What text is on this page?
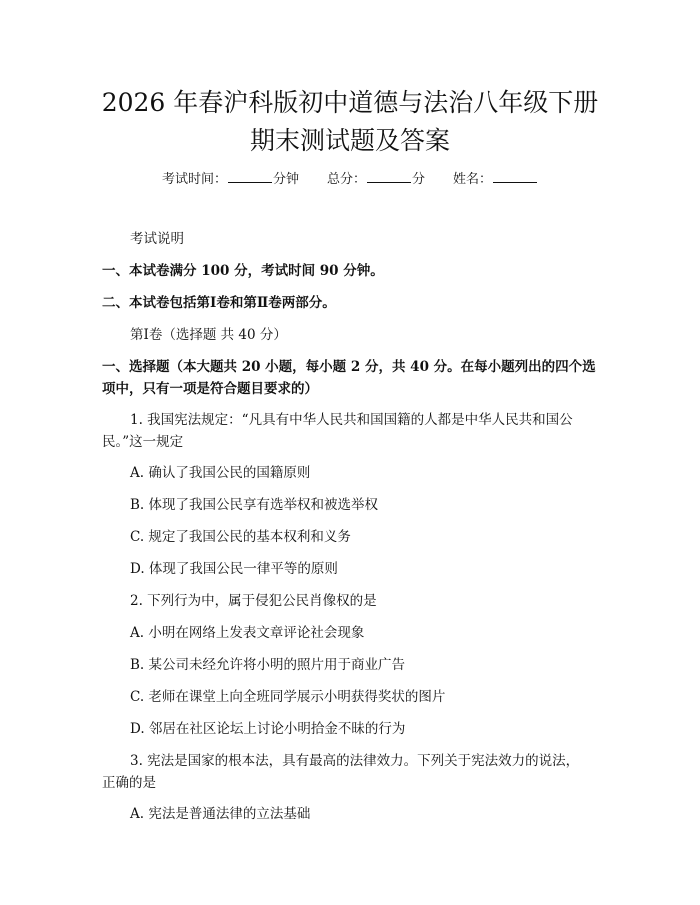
2026 年春沪科版初中道德与法治八年级下册
期末测试题及答案
考试时间：	分钟 总分：	分 姓名：

考试说明

一、本试卷满分 100 分，考试时间 90 分钟。

二、本试卷包括第Ⅰ卷和第Ⅱ卷两部分。

第Ⅰ卷（选择题 共 40 分）

一、选择题（本大题共 20 小题，每小题 2 分，共 40 分。在每小题列出的四个选

项中，只有一项是符合题目要求的）

1. 我国宪法规定：“凡具有中华人民共和国国籍的人都是中华人民共和国公

民。”这一规定

A. 确认了我国公民的国籍原则

B. 体现了我国公民享有选举权和被选举权

C. 规定了我国公民的基本权利和义务

D. 体现了我国公民一律平等的原则

2. 下列行为中，属于侵犯公民肖像权的是

A. 小明在网络上发表文章评论社会现象

B. 某公司未经允许将小明的照片用于商业广告

C. 老师在课堂上向全班同学展示小明获得奖状的图片

D. 邻居在社区论坛上讨论小明拾金不昧的行为

3. 宪法是国家的根本法，具有最高的法律效力。下列关于宪法效力的说法，

正确的是

A. 宪法是普通法律的立法基础
